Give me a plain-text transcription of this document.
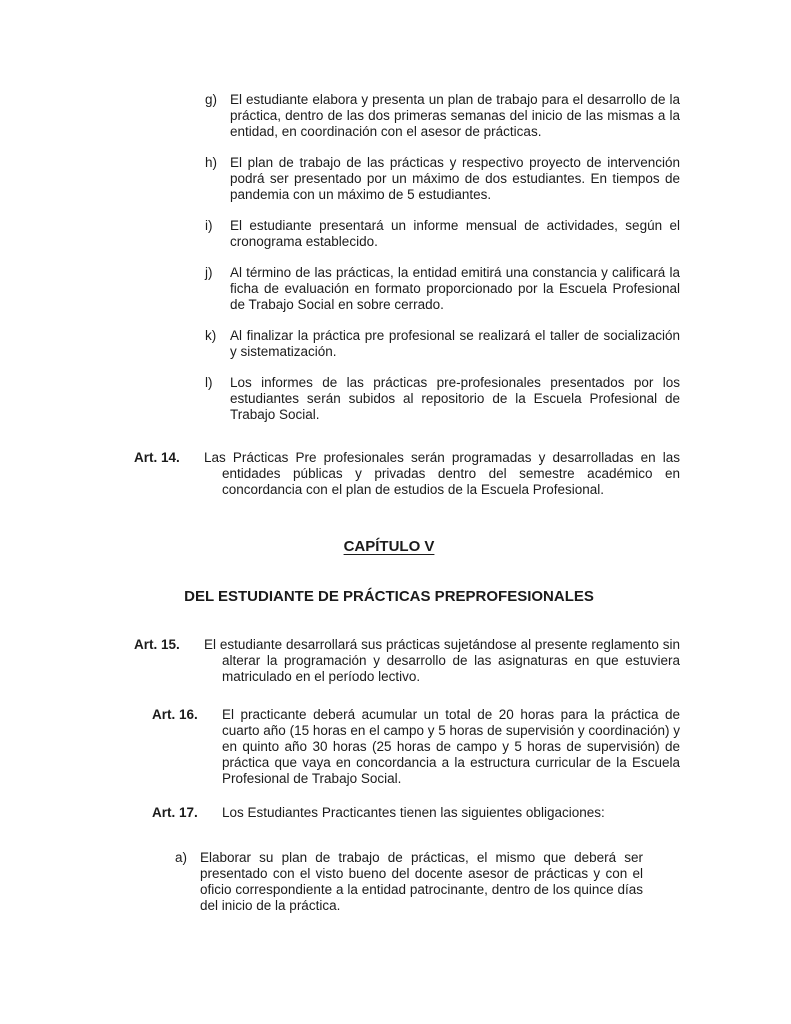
g) El estudiante elabora y presenta un plan de trabajo para el desarrollo de la práctica, dentro de las dos primeras semanas del inicio de las mismas a la entidad, en coordinación con el asesor de prácticas.
h) El plan de trabajo de las prácticas y respectivo proyecto de intervención podrá ser presentado por un máximo de dos estudiantes. En tiempos de pandemia con un máximo de 5 estudiantes.
i) El estudiante presentará un informe mensual de actividades, según el cronograma establecido.
j) Al término de las prácticas, la entidad emitirá una constancia y calificará la ficha de evaluación en formato proporcionado por la Escuela Profesional de Trabajo Social en sobre cerrado.
k) Al finalizar la práctica pre profesional se realizará el taller de socialización y sistematización.
l) Los informes de las prácticas pre-profesionales presentados por los estudiantes serán subidos al repositorio de la Escuela Profesional de Trabajo Social.
Art. 14. Las Prácticas Pre profesionales serán programadas y desarrolladas en las entidades públicas y privadas dentro del semestre académico en concordancia con el plan de estudios de la Escuela Profesional.
CAPÍTULO V
DEL ESTUDIANTE DE PRÁCTICAS PREPROFESIONALES
Art. 15. El estudiante desarrollará sus prácticas sujetándose al presente reglamento sin alterar la programación y desarrollo de las asignaturas en que estuviera matriculado en el período lectivo.
Art. 16. El practicante deberá acumular un total de 20 horas para la práctica de cuarto año (15 horas en el campo y 5 horas de supervisión y coordinación) y en quinto año 30 horas (25 horas de campo y 5 horas de supervisión) de práctica que vaya en concordancia a la estructura curricular de la Escuela Profesional de Trabajo Social.
Art. 17. Los Estudiantes Practicantes tienen las siguientes obligaciones:
a) Elaborar su plan de trabajo de prácticas, el mismo que deberá ser presentado con el visto bueno del docente asesor de prácticas y con el oficio correspondiente a la entidad patrocinante, dentro de los quince días del inicio de la práctica.
